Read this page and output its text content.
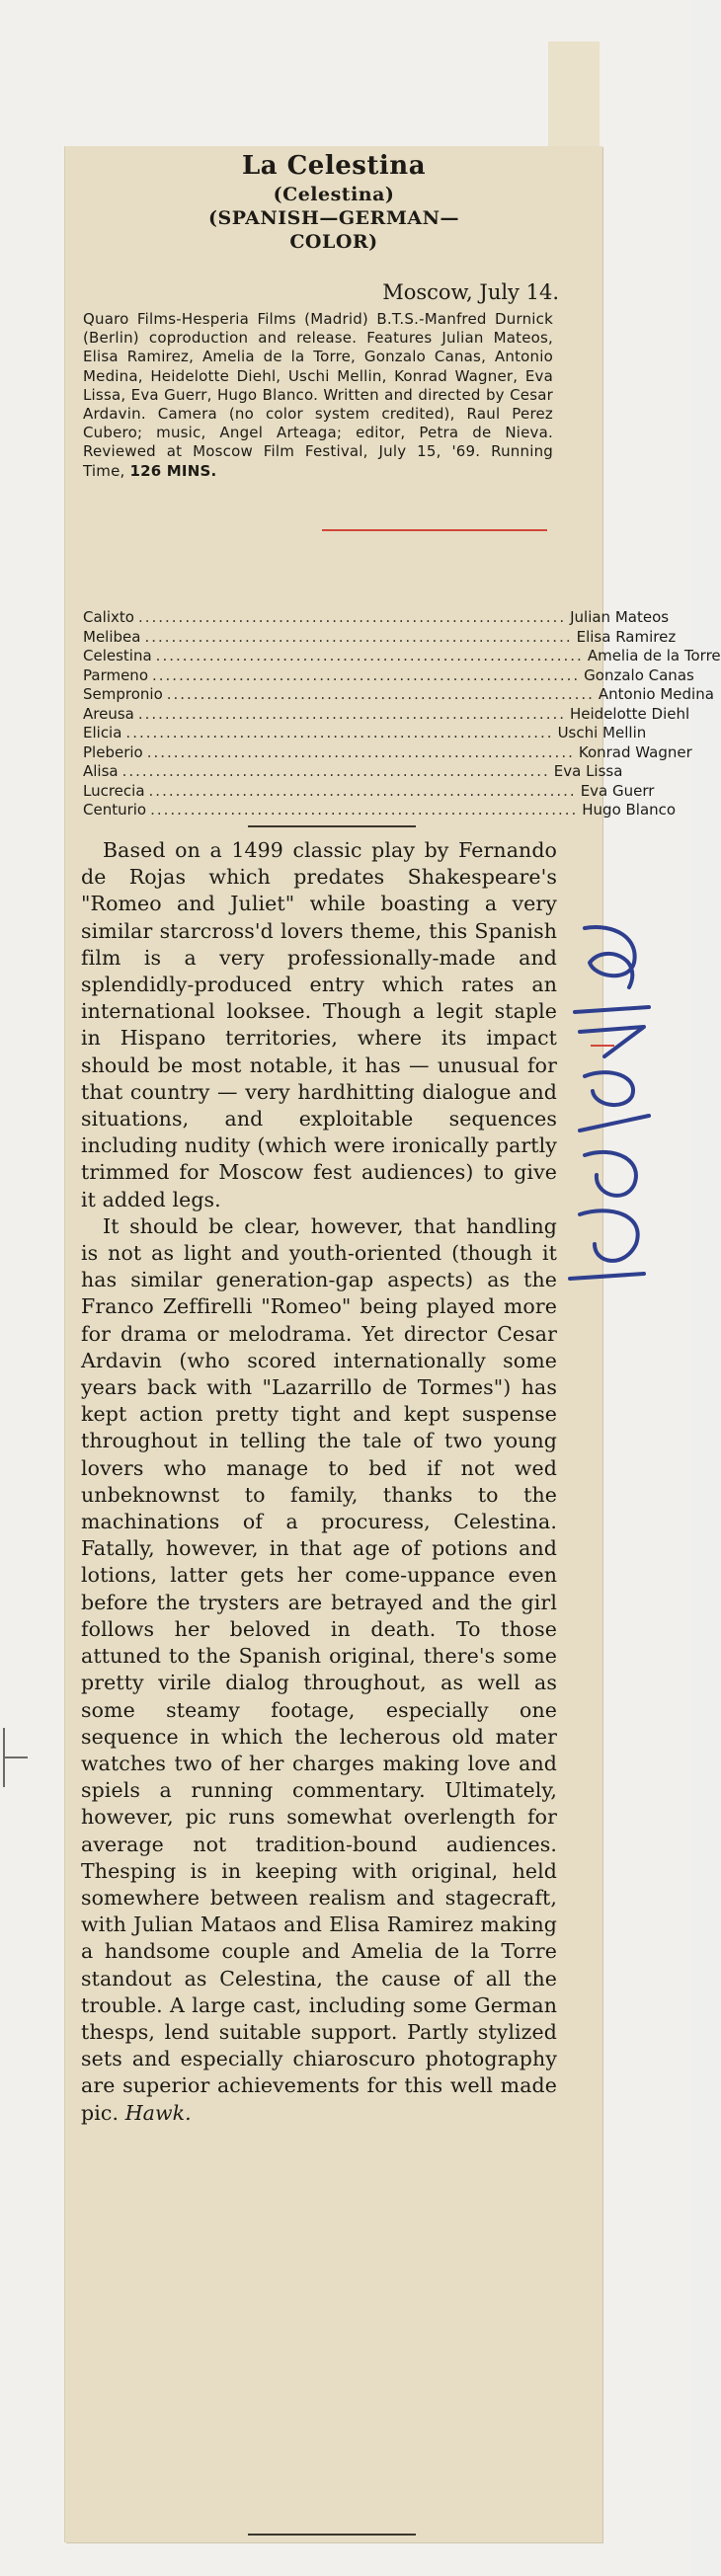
La Celestina
(Celestina)
(SPANISH—GERMAN—
COLOR)
Moscow, July 14.
Quaro Films-Hesperia Films (Madrid) B.T.S.-Manfred Durnick (Berlin) coproduction and release. Features Julian Mateos, Elisa Ramirez, Amelia de la Torre, Gonzalo Canas, Antonio Medina, Heidelotte Diehl, Uschi Mellin, Konrad Wagner, Eva Lissa, Eva Guerr, Hugo Blanco. Written and directed by Cesar Ardavin. Camera (no color system credited), Raul Perez Cubero; music, Angel Arteaga; editor, Petra de Nieva. Reviewed at Moscow Film Festival, July 15, '69. Running Time, 126 MINS.
Calixto ................................................................ Julian Mateos
Melibea ................................................................ Elisa Ramirez
Celestina ................................................................ Amelia de la Torre
Parmeno ................................................................ Gonzalo Canas
Sempronio ................................................................ Antonio Medina
Areusa ................................................................ Heidelotte Diehl
Elicia ................................................................ Uschi Mellin
Pleberio ................................................................ Konrad Wagner
Alisa ................................................................ Eva Lissa
Lucrecia ................................................................ Eva Guerr
Centurio ................................................................ Hugo Blanco

Based on a 1499 classic play by Fernando de Rojas which predates Shakespeare's "Romeo and Juliet" while boasting a very similar starcross'd lovers theme, this Spanish film is a very professionally-made and splendidly-produced entry which rates an international looksee. Though a legit staple in Hispano territories, where its impact should be most notable, it has — unusual for that country — very hardhitting dialogue and situations, and exploitable sequences including nudity (which were ironically partly trimmed for Moscow fest audiences) to give it added legs.

It should be clear, however, that handling is not as light and youth-oriented (though it has similar generation-gap aspects) as the Franco Zeffirelli "Romeo" being played more for drama or melodrama. Yet director Cesar Ardavin (who scored internationally some years back with "Lazarrillo de Tormes") has kept action pretty tight and kept suspense throughout in telling the tale of two young lovers who manage to bed if not wed unbeknownst to family, thanks to the machinations of a procuress, Celestina. Fatally, however, in that age of potions and lotions, latter gets her come-uppance even before the trysters are betrayed and the girl follows her beloved in death. To those attuned to the Spanish original, there's some pretty virile dialog throughout, as well as some steamy footage, especially one sequence in which the lecherous old mater watches two of her charges making love and spiels a running commentary. Ultimately, however, pic runs somewhat overlength for average not tradition-bound audiences. Thesping is in keeping with original, held somewhere between realism and stagecraft, with Julian Mataos and Elisa Ramirez making a handsome couple and Amelia de la Torre standout as Celestina, the cause of all the trouble. A large cast, including some German thesps, lend suitable support. Partly stylized sets and especially chiaroscuro photography are superior achievements for this well made pic. Hawk.
